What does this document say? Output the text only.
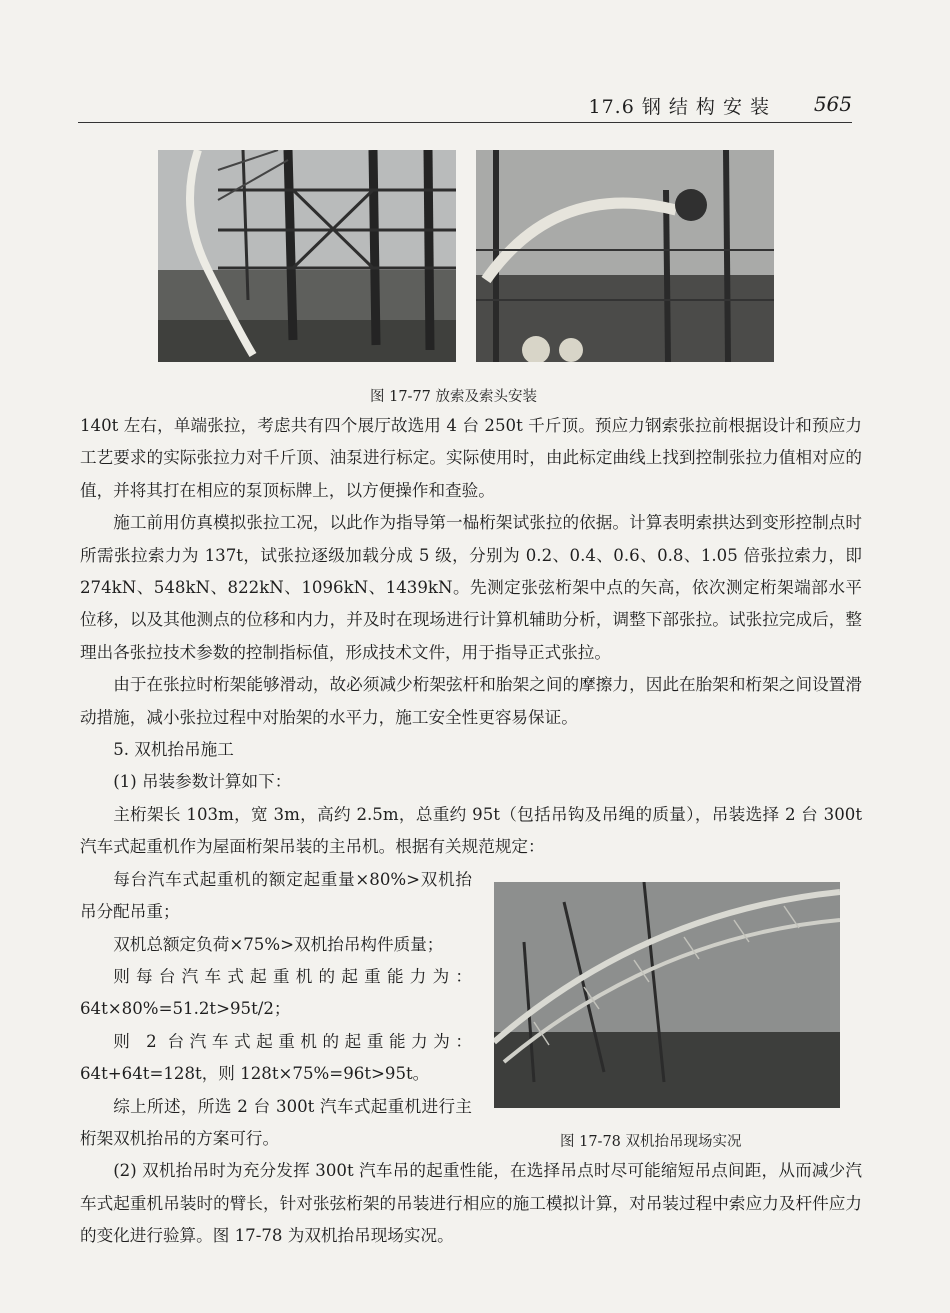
17.6 钢 结 构 安 装 565
图 17-77 放索及索头安装
图 17-78 双机抬吊现场实况

140t 左右，单端张拉，考虑共有四个展厅故选用 4 台 250t 千斤顶。预应力钢索张拉前根据设计和预应力工艺要求的实际张拉力对千斤顶、油泵进行标定。实际使用时，由此标定曲线上找到控制张拉力值相对应的值，并将其打在相应的泵顶标牌上，以方便操作和查验。

施工前用仿真模拟张拉工况，以此作为指导第一榀桁架试张拉的依据。计算表明索拱达到变形控制点时所需张拉索力为 137t，试张拉逐级加载分成 5 级，分别为 0.2、0.4、0.6、0.8、1.05 倍张拉索力，即 274kN、548kN、822kN、1096kN、1439kN。先测定张弦桁架中点的矢高，依次测定桁架端部水平位移，以及其他测点的位移和内力，并及时在现场进行计算机辅助分析，调整下部张拉。试张拉完成后，整理出各张拉技术参数的控制指标值，形成技术文件，用于指导正式张拉。

由于在张拉时桁架能够滑动，故必须减少桁架弦杆和胎架之间的摩擦力，因此在胎架和桁架之间设置滑动措施，减小张拉过程中对胎架的水平力，施工安全性更容易保证。

5. 双机抬吊施工

(1) 吊装参数计算如下：

主桁架长 103m，宽 3m，高约 2.5m，总重约 95t（包括吊钩及吊绳的质量），吊装选择 2 台 300t 汽车式起重机作为屋面桁架吊装的主吊机。根据有关规范规定：

每台汽车式起重机的额定起重量×80%>双机抬吊分配吊重；

双机总额定负荷×75%>双机抬吊构件质量；

则每台汽车式起重机的起重能力为：64t×80%=51.2t>95t/2；

则 2 台汽车式起重机的起重能力为：64t+64t=128t，则 128t×75%=96t>95t。

综上所述，所选 2 台 300t 汽车式起重机进行主桁架双机抬吊的方案可行。

(2) 双机抬吊时为充分发挥 300t 汽车吊的起重性能，在选择吊点时尽可能缩短吊点间距，从而减少汽车式起重机吊装时的臂长，针对张弦桁架的吊装进行相应的施工模拟计算，对吊装过程中索应力及杆件应力的变化进行验算。图 17-78 为双机抬吊现场实况。
